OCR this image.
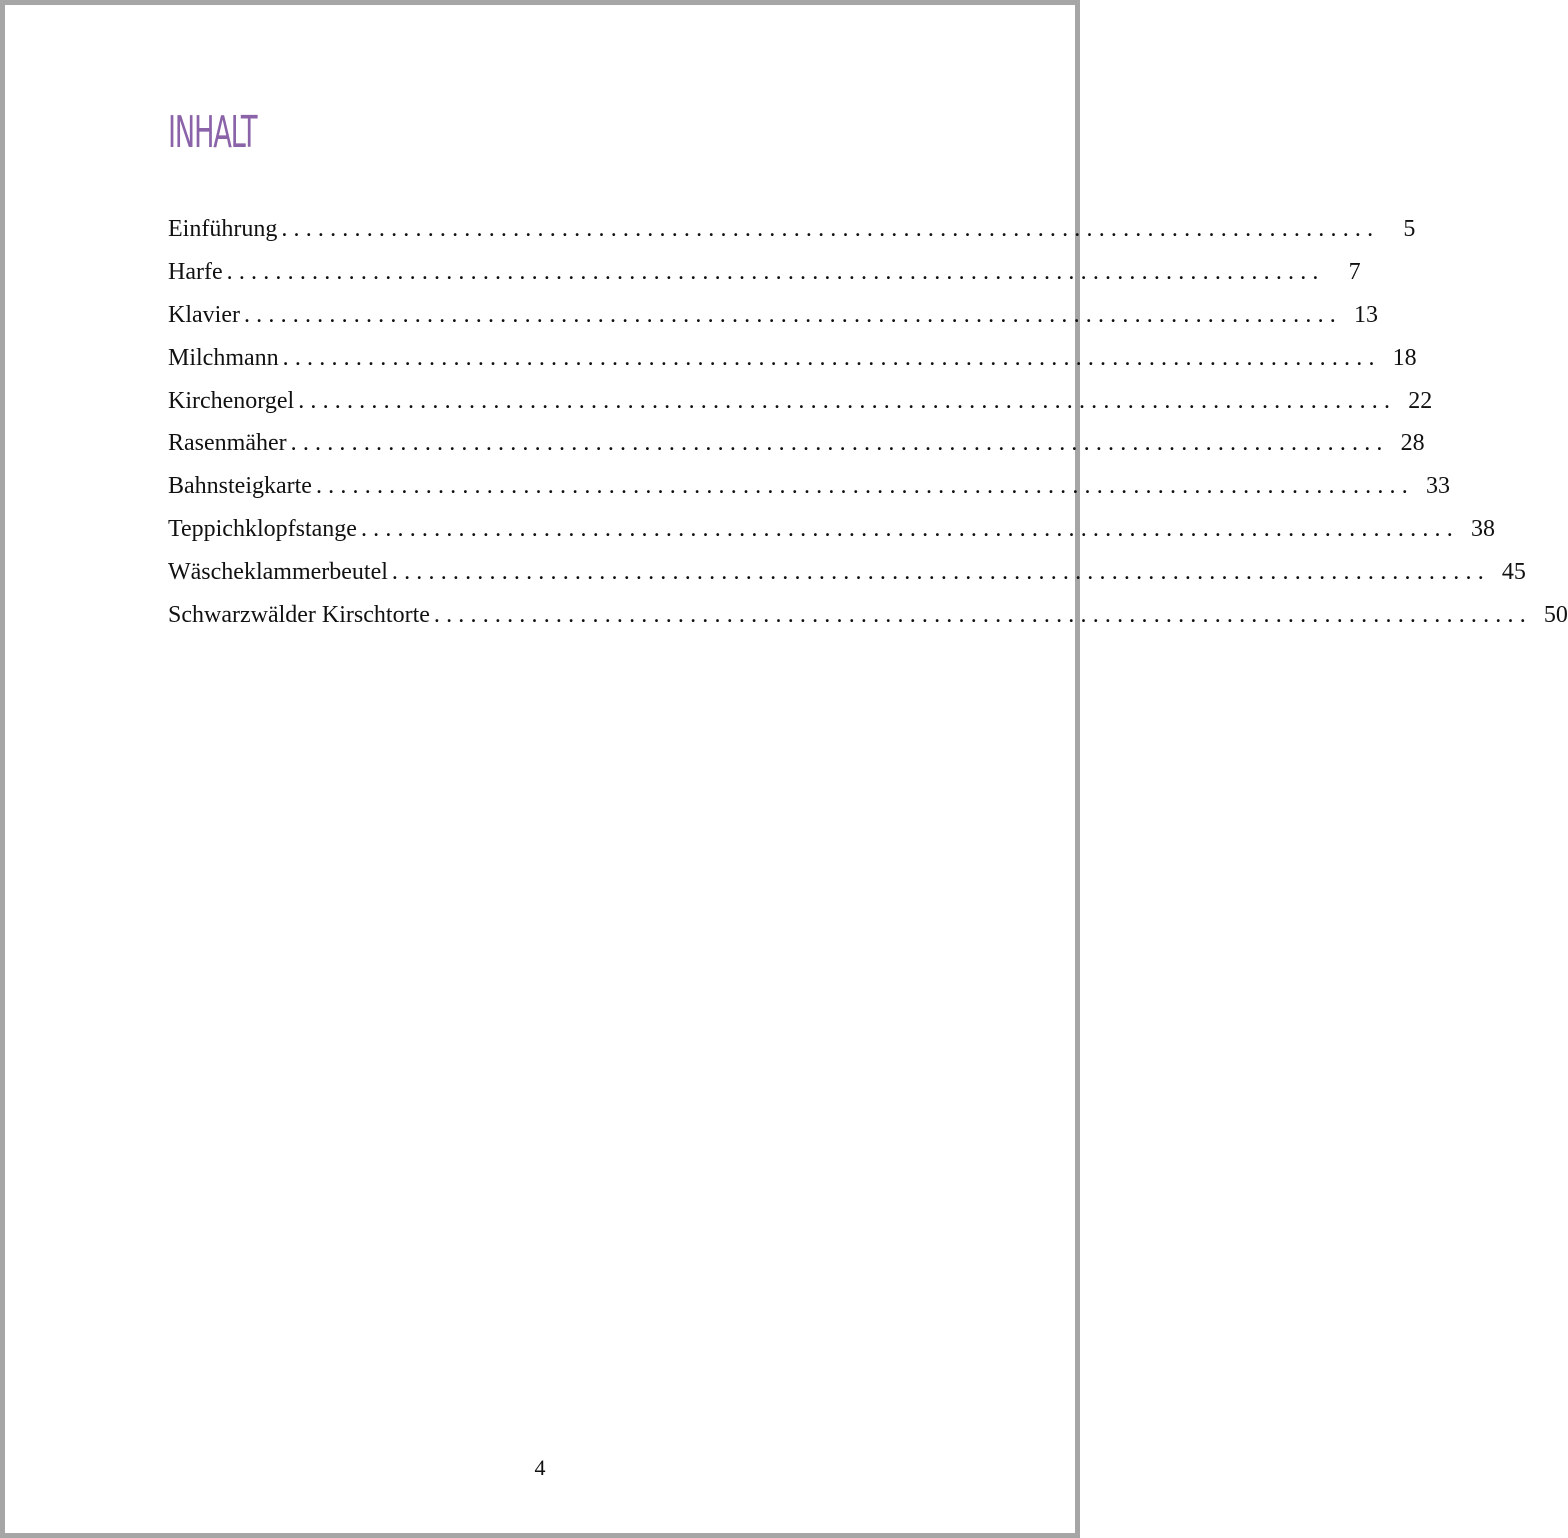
INHALT
Einführung ..........................................................................................	5
Harfe ..........................................................................................	7
Klavier .......................................................................................... 13
Milchmann .......................................................................................... 18
Kirchenorgel .......................................................................................... 22
Rasenmäher .......................................................................................... 28
Bahnsteigkarte .......................................................................................... 33
Teppichklopfstange .......................................................................................... 38
Wäscheklammerbeutel .......................................................................................... 45
Schwarzwälder Kirschtorte .......................................................................................... 50
4
